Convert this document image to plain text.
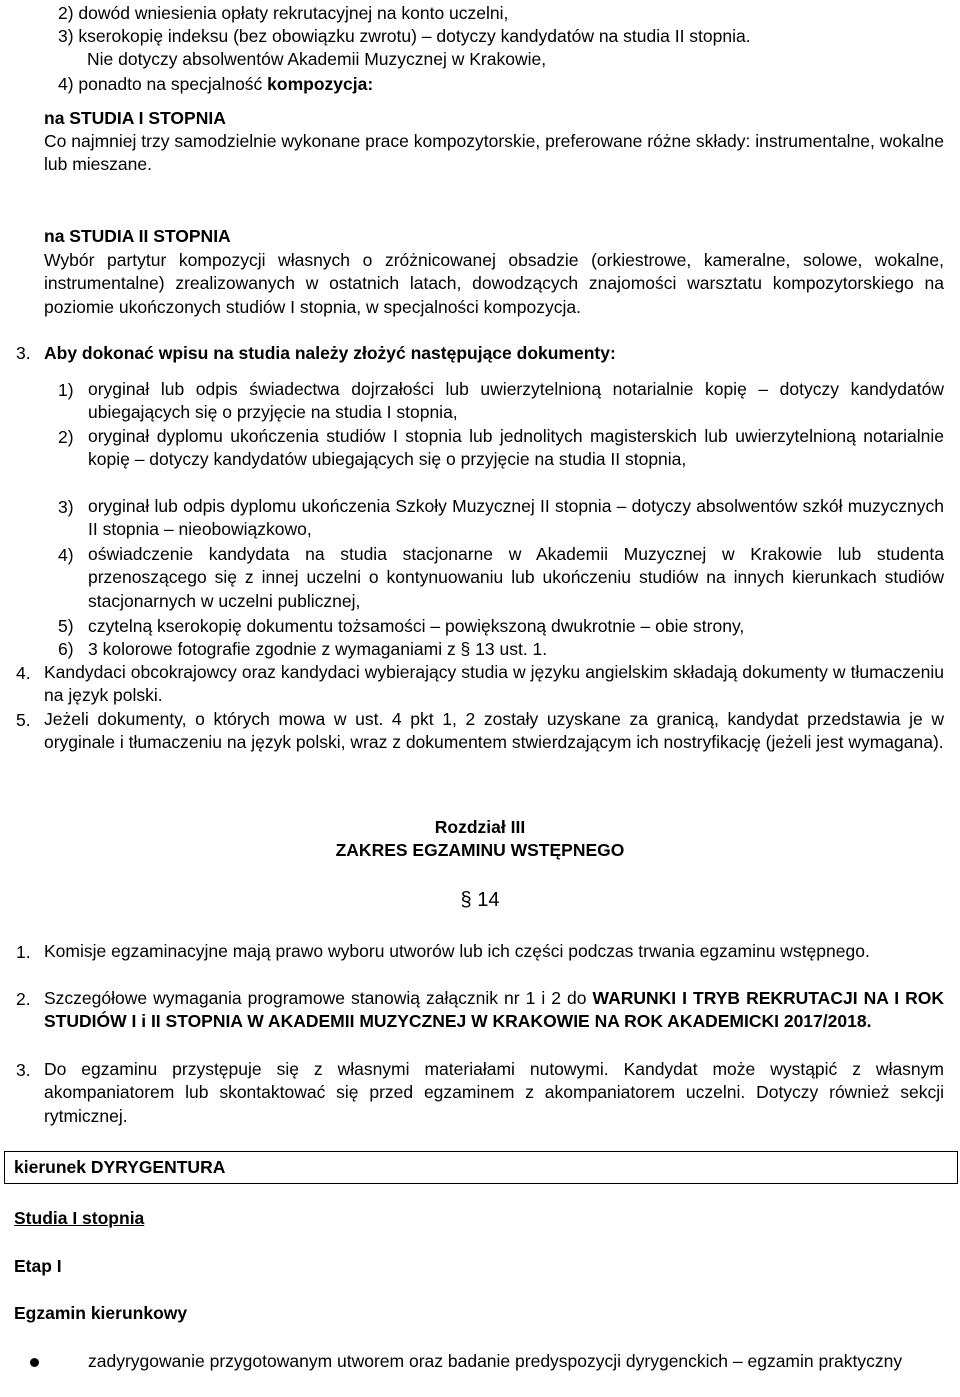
2) dowód wniesienia opłaty rekrutacyjnej na konto uczelni,
3) kserokopię indeksu (bez obowiązku zwrotu) – dotyczy kandydatów na studia II stopnia.
Nie dotyczy absolwentów Akademii Muzycznej w Krakowie,
4) ponadto na specjalność kompozycja:
na STUDIA I STOPNIA
Co najmniej trzy samodzielnie wykonane prace kompozytorskie, preferowane różne składy: instrumentalne, wokalne lub mieszane.
na STUDIA II STOPNIA
Wybór partytur kompozycji własnych o zróżnicowanej obsadzie (orkiestrowe, kameralne, solowe, wokalne, instrumentalne) zrealizowanych w ostatnich latach, dowodzących znajomości warsztatu kompozytorskiego na poziomie ukończonych studiów I stopnia, w specjalności kompozycja.
3. Aby dokonać wpisu na studia należy złożyć następujące dokumenty:
1) oryginał lub odpis świadectwa dojrzałości lub uwierzytelnioną notarialnie kopię – dotyczy kandydatów ubiegających się o przyjęcie na studia I stopnia,
2) oryginał dyplomu ukończenia studiów I stopnia lub jednolitych magisterskich lub uwierzytelnioną notarialnie kopię – dotyczy kandydatów ubiegających się o przyjęcie na studia II stopnia,
3) oryginał lub odpis dyplomu ukończenia Szkoły Muzycznej II stopnia – dotyczy absolwentów szkół muzycznych II stopnia – nieobowiązkowo,
4) oświadczenie kandydata na studia stacjonarne w Akademii Muzycznej w Krakowie lub studenta przenoszącego się z innej uczelni o kontynuowaniu lub ukończeniu studiów na innych kierunkach studiów stacjonarnych w uczelni publicznej,
5) czytelną kserokopię dokumentu tożsamości – powiększoną dwukrotnie – obie strony,
6) 3 kolorowe fotografie zgodnie z wymaganiami z § 13 ust. 1.
4. Kandydaci obcokrajowcy oraz kandydaci wybierający studia w języku angielskim składają dokumenty w tłumaczeniu na język polski.
5. Jeżeli dokumenty, o których mowa w ust. 4 pkt 1, 2 zostały uzyskane za granicą, kandydat przedstawia je w oryginale i tłumaczeniu na język polski, wraz z dokumentem stwierdzającym ich nostryfikację (jeżeli jest wymagana).
Rozdział III
ZAKRES EGZAMINU WSTĘPNEGO
§ 14
1. Komisje egzaminacyjne mają prawo wyboru utworów lub ich części podczas trwania egzaminu wstępnego.
2. Szczegółowe wymagania programowe stanowią załącznik nr 1 i 2 do WARUNKI I TRYB REKRUTACJI NA I ROK STUDIÓW I i II STOPNIA W AKADEMII MUZYCZNEJ W KRAKOWIE NA ROK AKADEMICKI 2017/2018.
3. Do egzaminu przystępuje się z własnymi materiałami nutowymi. Kandydat może wystąpić z własnym akompaniatorem lub skontaktować się przed egzaminem z akompaniatorem uczelni. Dotyczy również sekcji rytmicznej.
kierunek DYRYGENTURA
Studia I stopnia
Etap I
Egzamin kierunkowy
zadyrygowanie przygotowanym utworem oraz badanie predyspozycji dyrygenckich – egzamin praktyczny
